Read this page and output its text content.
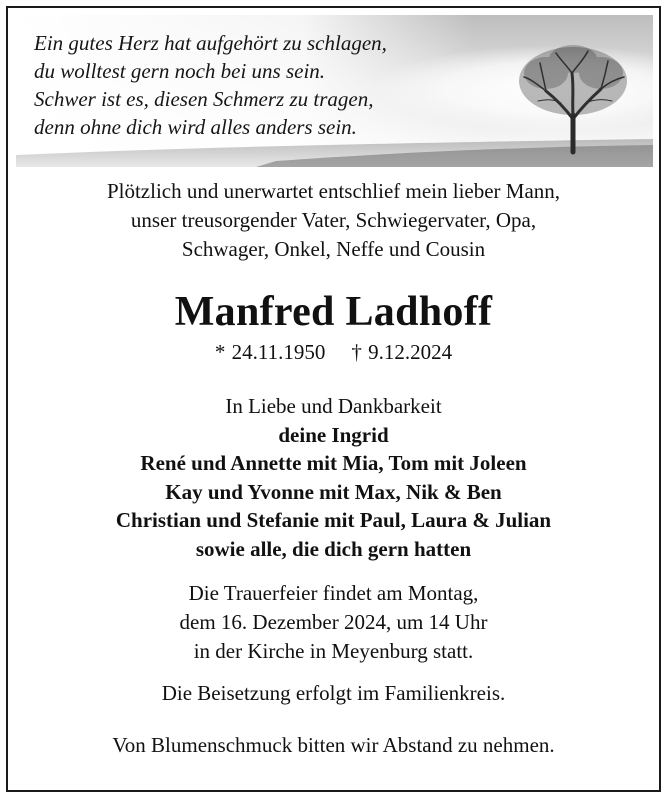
Ein gutes Herz hat aufgehört zu schlagen,
du wolltest gern noch bei uns sein.
Schwer ist es, diesen Schmerz zu tragen,
denn ohne dich wird alles anders sein.
Plötzlich und unerwartet entschlief mein lieber Mann,
unser treusorgender Vater, Schwiegervater, Opa,
Schwager, Onkel, Neffe und Cousin
Manfred Ladhoff
* 24.11.1950 † 9.12.2024
In Liebe und Dankbarkeit
deine Ingrid
René und Annette mit Mia, Tom mit Joleen
Kay und Yvonne mit Max, Nik & Ben
Christian und Stefanie mit Paul, Laura & Julian
sowie alle, die dich gern hatten
Die Trauerfeier findet am Montag,
dem 16. Dezember 2024, um 14 Uhr
in der Kirche in Meyenburg statt.
Die Beisetzung erfolgt im Familienkreis.
Von Blumenschmuck bitten wir Abstand zu nehmen.
